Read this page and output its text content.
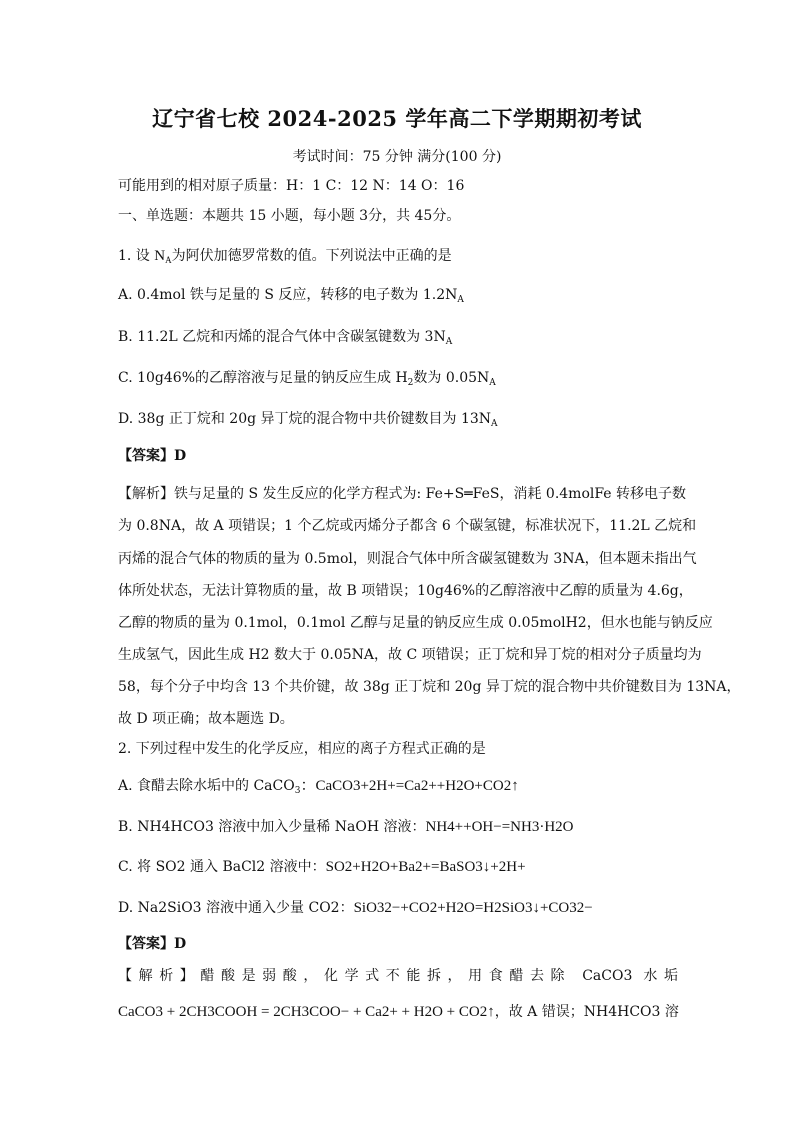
辽宁省七校 2024-2025 学年高二下学期期初考试
考试时间：75 分钟 满分(100 分)
可能用到的相对原子质量：H：1 C：12 N：14 O：16
一、单选题：本题共 15 小题，每小题 3分，共 45分。
1. 设 $N_A$为阿伏加德罗常数的值。下列说法中正确的是
A. 0.4mol 铁与足量的 S 反应，转移的电子数为 $1.2N_A$
B. 11.2L 乙烷和丙烯的混合气体中含碳氢键数为 $3N_A$
C. 10g46%的乙醇溶液与足量的钠反应生成 $H_2$数为 $0.05N_A$
D. 38g 正丁烷和 20g 异丁烷的混合物中共价键数目为 $13N_A$
【答案】D
【解析】铁与足量的 S 发生反应的化学方程式为: Fe+S═FeS，消耗 0.4molFe 转移电子数
为 0.8NA，故 A 项错误；1 个乙烷或丙烯分子都含 6 个碳氢键，标准状况下，11.2L 乙烷和
丙烯的混合气体的物质的量为 0.5mol，则混合气体中所含碳氢键数为 3NA，但本题未指出气
体所处状态，无法计算物质的量，故 B 项错误；10g46%的乙醇溶液中乙醇的质量为 4.6g，
乙醇的物质的量为 0.1mol，0.1mol 乙醇与足量的钠反应生成 0.05molH2，但水也能与钠反应
生成氢气，因此生成 H2 数大于 0.05NA，故 C 项错误；正丁烷和异丁烷的相对分子质量均为
58，每个分子中均含 13 个共价键，故 38g 正丁烷和 20g 异丁烷的混合物中共价键数目为 13NA，
故 D 项正确；故本题选 D。
2. 下列过程中发生的化学反应，相应的离子方程式正确的是
A. 食醋去除水垢中的 CaCO$_3$：CaCO3+2H+=Ca2++H2O+CO2↑
B. NH4HCO3 溶液中加入少量稀 NaOH 溶液：NH4++OH−=NH3·H2O
C. 将 SO2 通入 BaCl2 溶液中：SO2+H2O+Ba2+=BaSO3↓+2H+
D. Na2SiO3 溶液中通入少量 CO2：SiO32−+CO2+H2O=H2SiO3↓+CO32−
【答案】D
【解析】醋酸是弱酸，化学式不能拆，用食醋去除 CaCO3 水垢
CaCO3 + 2CH3COOH = 2CH3COO− + Ca2+ + H2O + CO2↑，故 A 错误；NH4HCO3 溶
